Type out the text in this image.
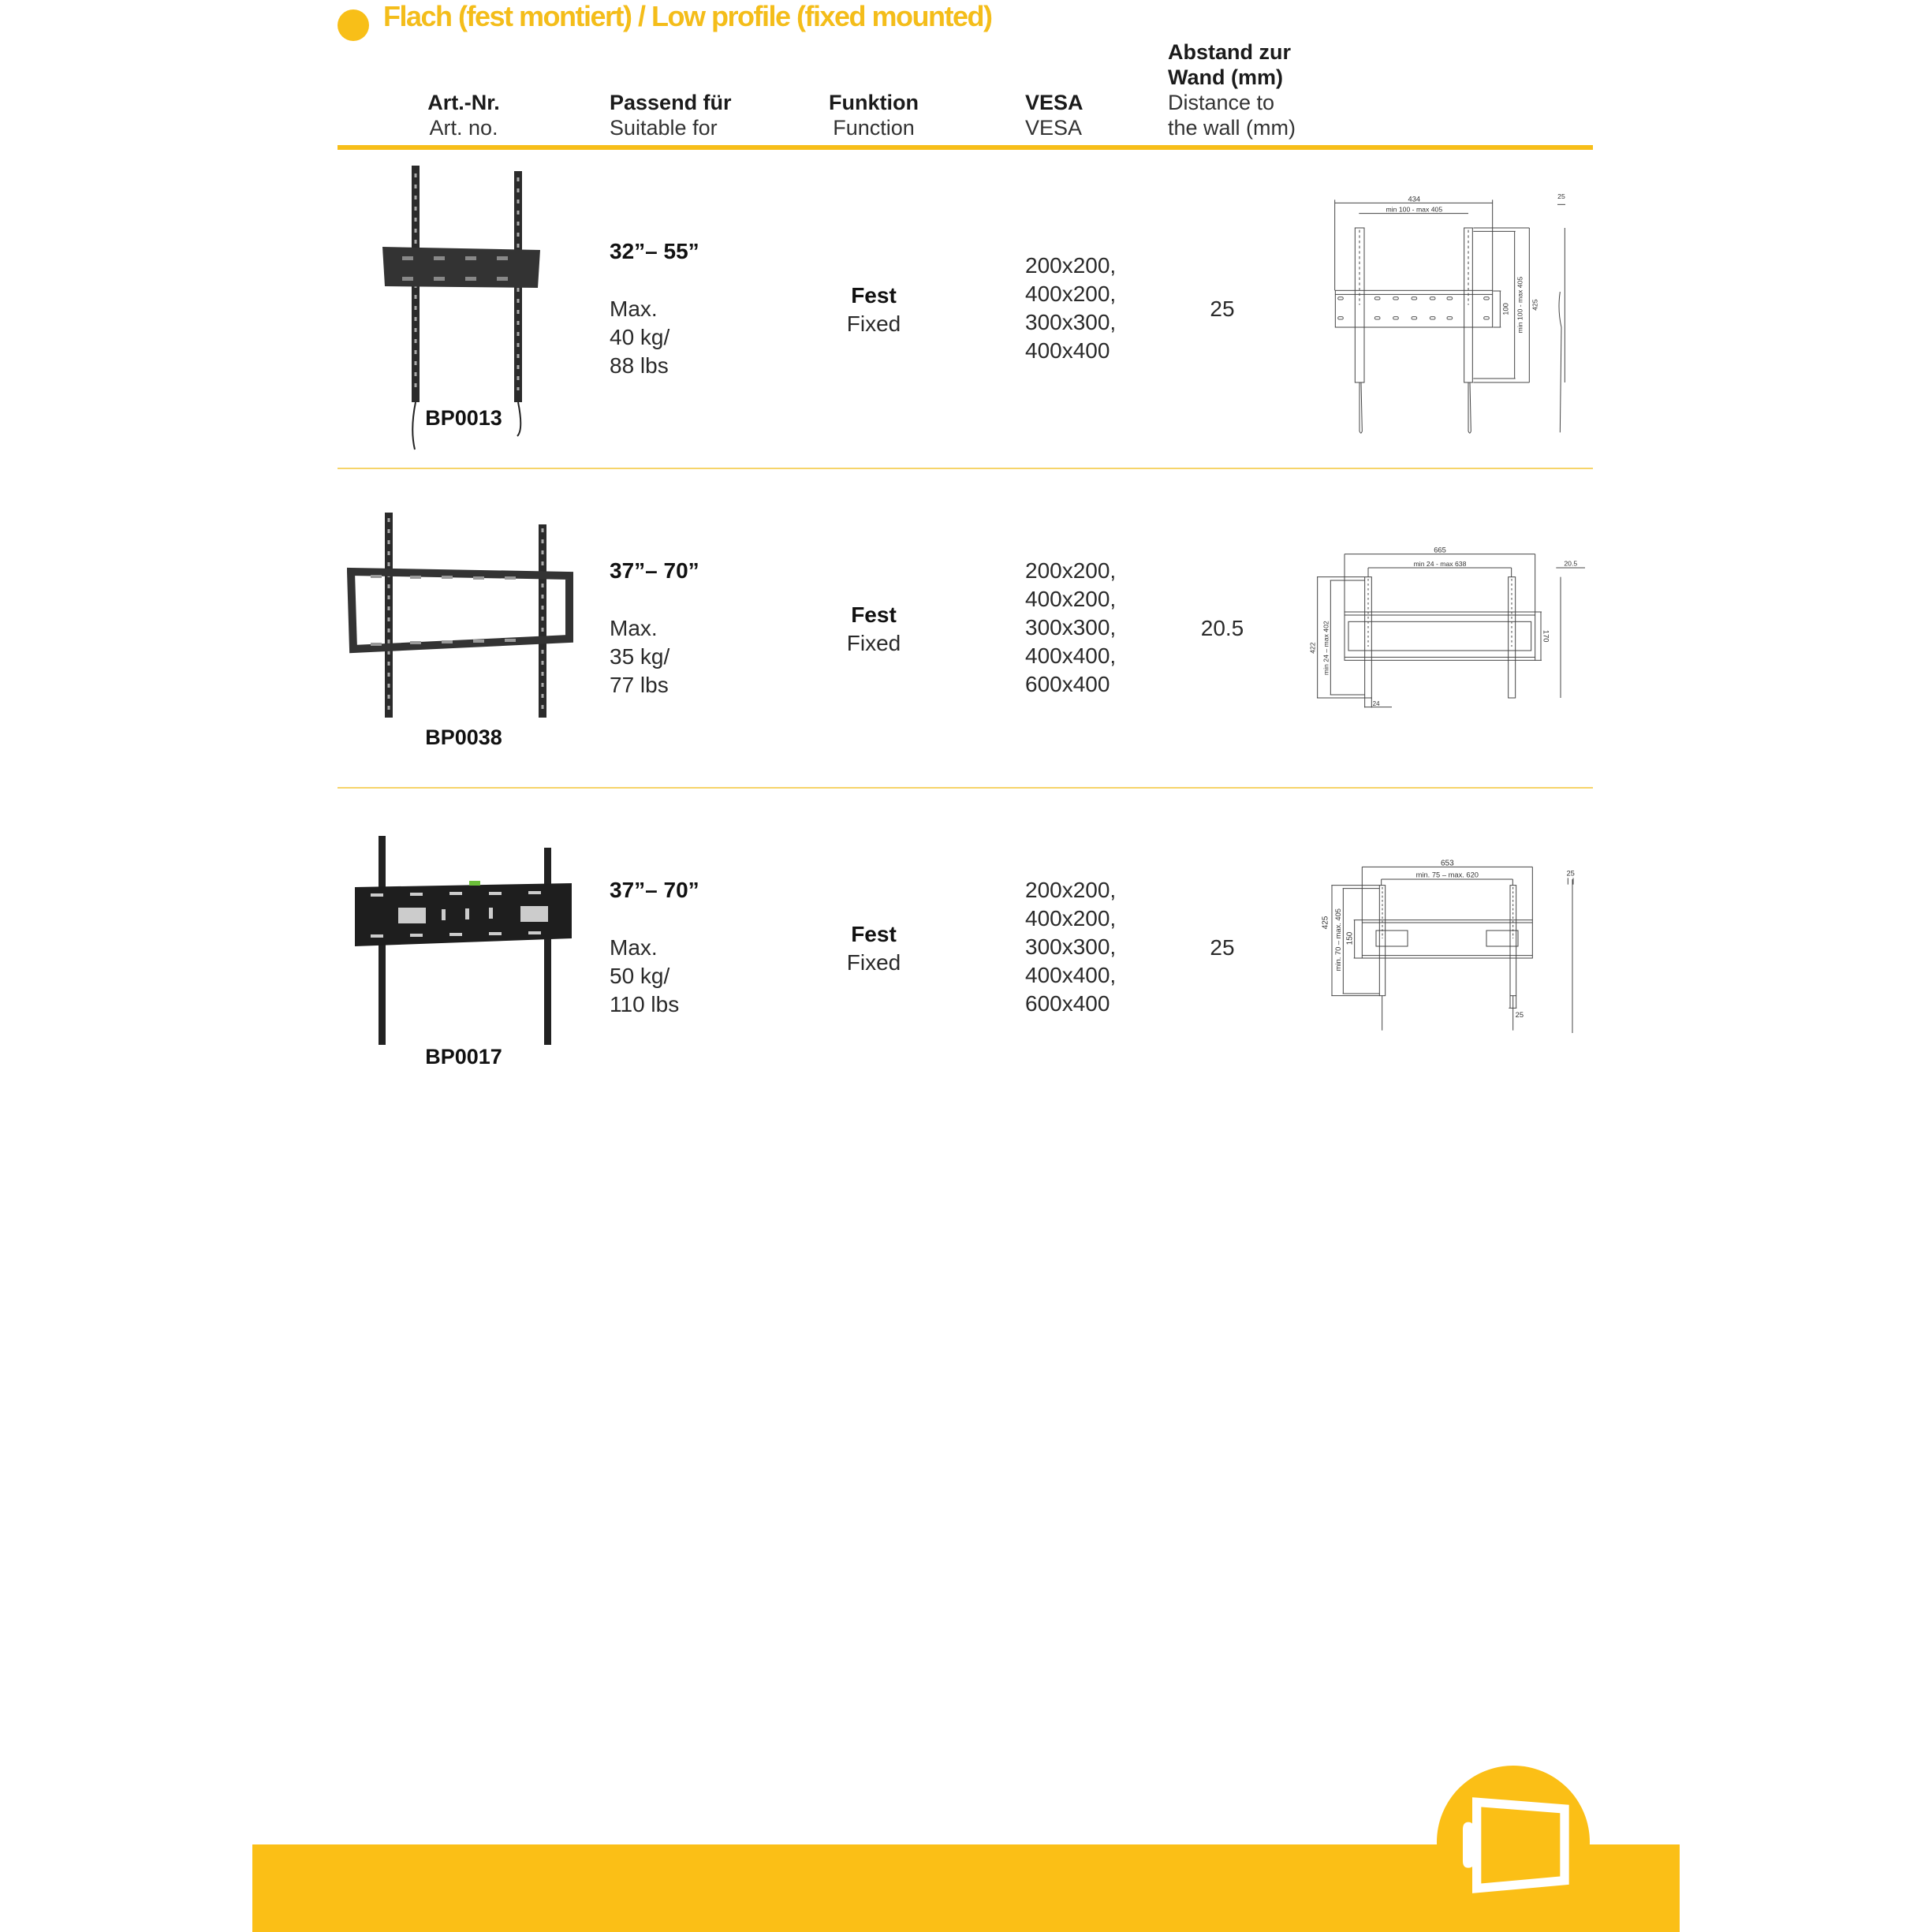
Flach (fest montiert) / Low profile (fixed mounted)
Art.-Nr.
Art. no.
Passend für
Suitable for
Funktion
Function
VESA
VESA
Abstand zur
Wand (mm)
Distance to
the wall (mm)
BP0013
32”– 55”
Max.
40 kg/
88 lbs
Fest
Fixed
200x200,
400x200,
300x300,
400x400
25
434
min 100 - max 405
100 min 100 - max 405 425
25
BP0038
37”– 70”
Max.
35 kg/
77 lbs
Fest
Fixed
200x200,
400x200,
300x300,
400x400,
600x400
20.5
665
min 24 - max 638
170
422 min 24 – max 402
24
20.5
BP0017
37”– 70”
Max.
50 kg/
110 lbs
Fest
Fixed
200x200,
400x200,
300x300,
400x400,
600x400
25
653
min. 75 – max. 620
425 min. 70 – max. 405 150
25
25
